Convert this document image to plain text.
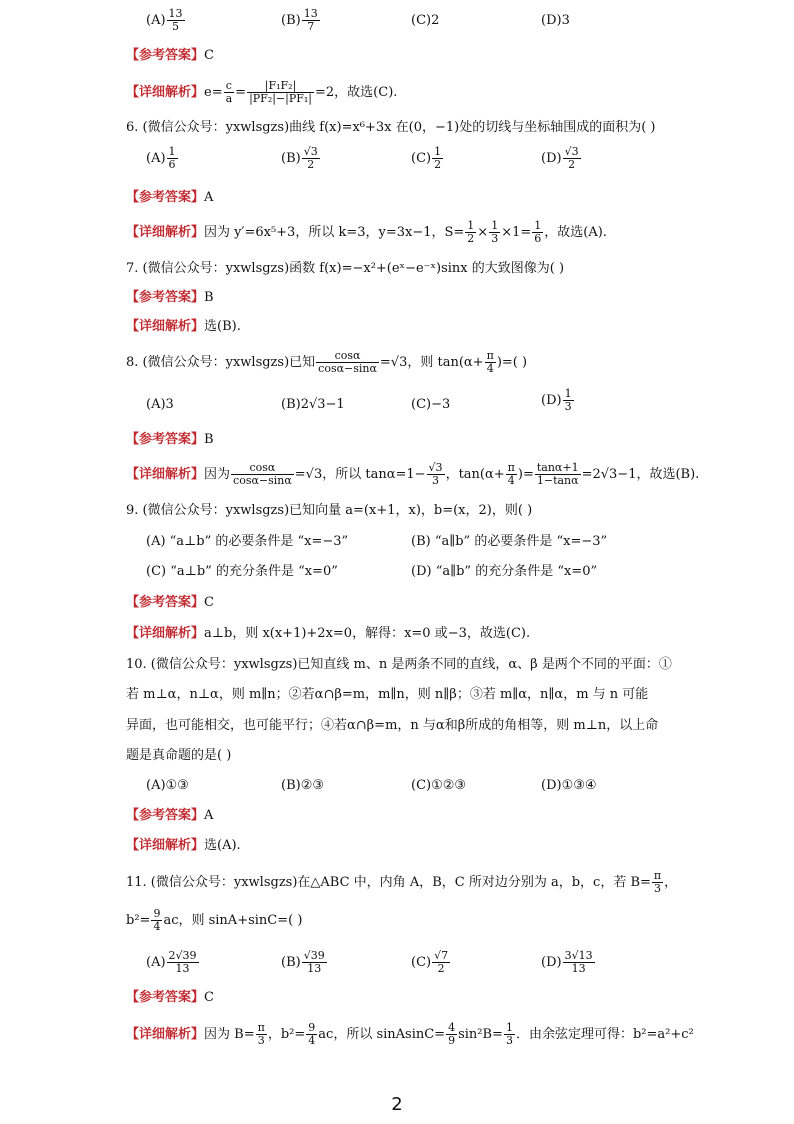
$(A) \frac{13}{5}$	$(B) \frac{13}{7}$	(C)2	(D)3
【参考答案】C
【详细解析】$e= \frac{c}{a} = \frac{\text{|F₁F₂|}}{\text{|PF₂|−|PF₁|}} =2$，故选(C).
6. (微信公众号：yxwlsgzs)曲线 f(x)=x⁶+3x 在(0，−1)处的切线与坐标轴围成的面积为( )
$(A) \frac{1}{6}$	$(B) \frac{√3}{2}$	$(C) \frac{1}{2}$	$(D) \frac{√3}{2}$
【参考答案】A
【详细解析】因为 y′=6x⁵+3，所以 k=3，y=3x−1，$S= \frac{1}{2} \times \frac{1}{3} \times 1= \frac{1}{6}$ ，故选(A).
7. (微信公众号：yxwlsgzs)函数 f(x)=−x²+(eˣ−e⁻ˣ)sinx 的大致图像为( )
【参考答案】B
【详细解析】选(B).
8. (微信公众号：yxwlsgzs)已知 $\frac{\cos\alpha}{\cos\alpha-\sin\alpha} =√3$，则 $\tan(\alpha+ \frac{\pi}{4}$ )=( )
(A)3	(B)2√3−1	(C)−3	$(D) \frac{1}{3}$
【参考答案】B
【详细解析】因为 $\frac{\cos\alpha}{\cos\alpha-\sin\alpha} =√3$，所以 $\tan\alpha=1- \frac{√3}{3}$ ，$\tan(\alpha+ \frac{\pi}{4}$ )= $\frac{\tan\alpha+1}{1-\tan\alpha} =2√3-1$，故选(B).
9. (微信公众号：yxwlsgzs)已知向量 a=(x+1，x)，b=(x，2)，则( )
(A) “a⊥b” 的必要条件是 “x=−3”	(B) “a∥b” 的必要条件是 “x=−3”
(C) “a⊥b” 的充分条件是 “x=0”	(D) “a∥b” 的充分条件是 “x=0”
【参考答案】C
【详细解析】a⊥b，则 x(x+1)+2x=0，解得：x=0 或−3，故选(C).
10. (微信公众号：yxwlsgzs)已知直线 m、n 是两条不同的直线，α、β 是两个不同的平面：①
若 m⊥α，n⊥α，则 m∥n；②若α∩β=m，m∥n，则 n∥β；③若 m∥α，n∥α，m 与 n 可能
异面，也可能相交，也可能平行；④若α∩β=m，n 与α和β所成的角相等，则 m⊥n，以上命
题是真命题的是( )
(A)①③	(B)②③	(C)①②③	(D)①③④
【参考答案】A
【详细解析】选(A).
11. (微信公众号：yxwlsgzs)在△ABC 中，内角 A，B，C 所对边分别为 a，b，c，若 $B= \frac{\pi}{3}$ ，
$b^2= \frac{9}{4}$ ac，则 sinA+sinC=( )
$(A) \frac{2√39}{13}$	$(B) \frac{√39}{13}$	$(C) \frac{√7}{2}$	$(D) \frac{3√13}{13}$
【参考答案】C
【详细解析】因为 $B= \frac{\pi}{3}$ ，$b^2= \frac{9}{4}$ ac，所以 sinAsinC= $\frac{4}{9} \sin^2B= \frac{1}{3}$ ．由余弦定理可得：b²=a²+c²
2
